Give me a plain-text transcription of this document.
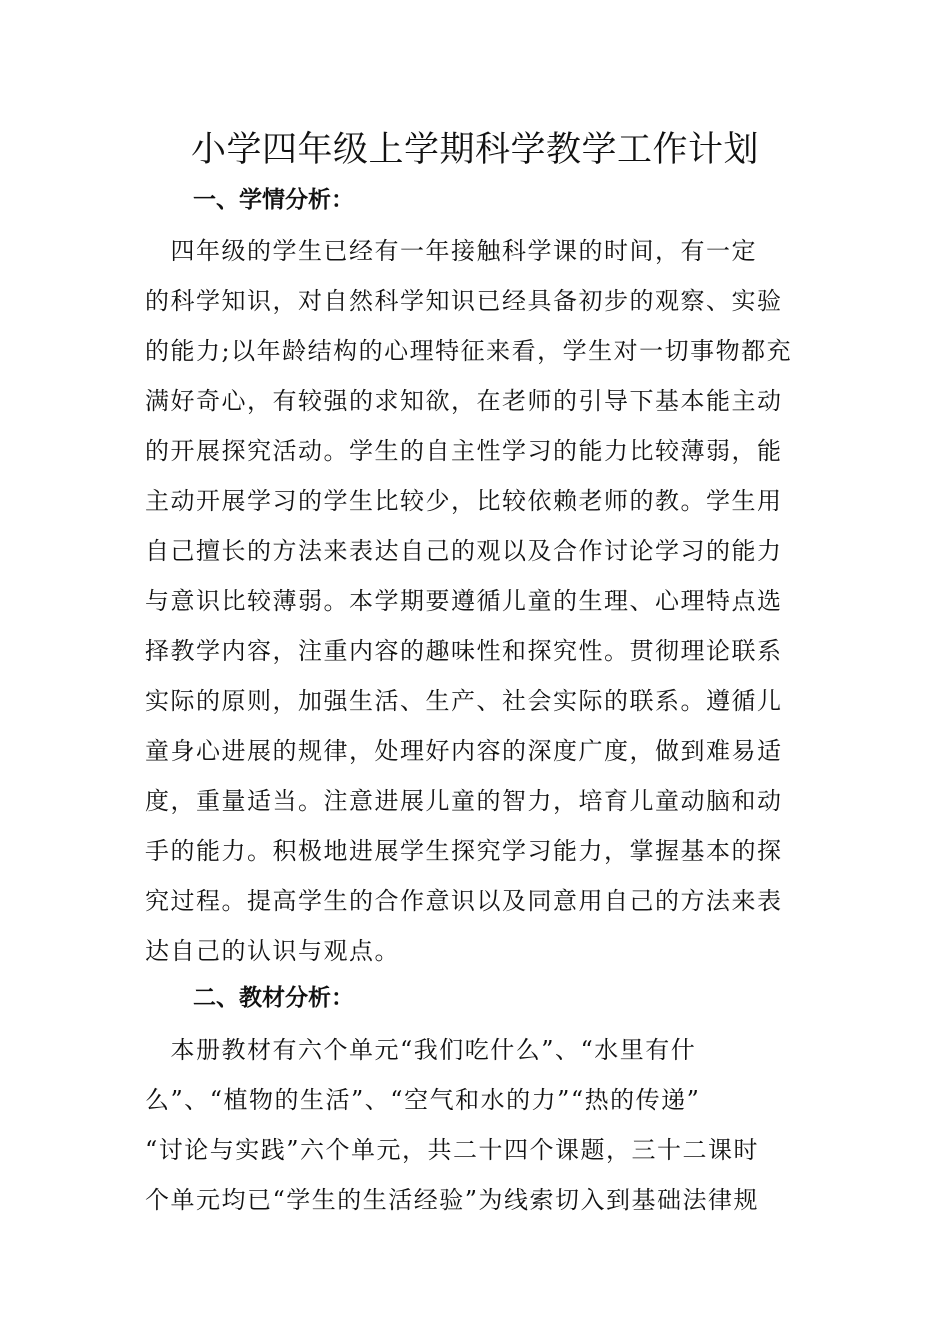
小学四年级上学期科学教学工作计划
一、学情分析：
　四年级的学生已经有一年接触科学课的时间，有一定
的科学知识，对自然科学知识已经具备初步的观察、实验
的能力;以年龄结构的心理特征来看，学生对一切事物都充
满好奇心，有较强的求知欲，在老师的引导下基本能主动
的开展探究活动。学生的自主性学习的能力比较薄弱，能
主动开展学习的学生比较少，比较依赖老师的教。学生用
自己擅长的方法来表达自己的观以及合作讨论学习的能力
与意识比较薄弱。本学期要遵循儿童的生理、心理特点选
择教学内容，注重内容的趣味性和探究性。贯彻理论联系
实际的原则，加强生活、生产、社会实际的联系。遵循儿
童身心进展的规律，处理好内容的深度广度，做到难易适
度，重量适当。注意进展儿童的智力，培育儿童动脑和动
手的能力。积极地进展学生探究学习能力，掌握基本的探
究过程。提高学生的合作意识以及同意用自己的方法来表
达自己的认识与观点。
二、教材分析：
　本册教材有六个单元“我们吃什么”、“水里有什
么”、“植物的生活”、“空气和水的力”“热的传递”
“讨论与实践”六个单元，共二十四个课题，三十二课时
个单元均已“学生的生活经验”为线索切入到基础法律规
